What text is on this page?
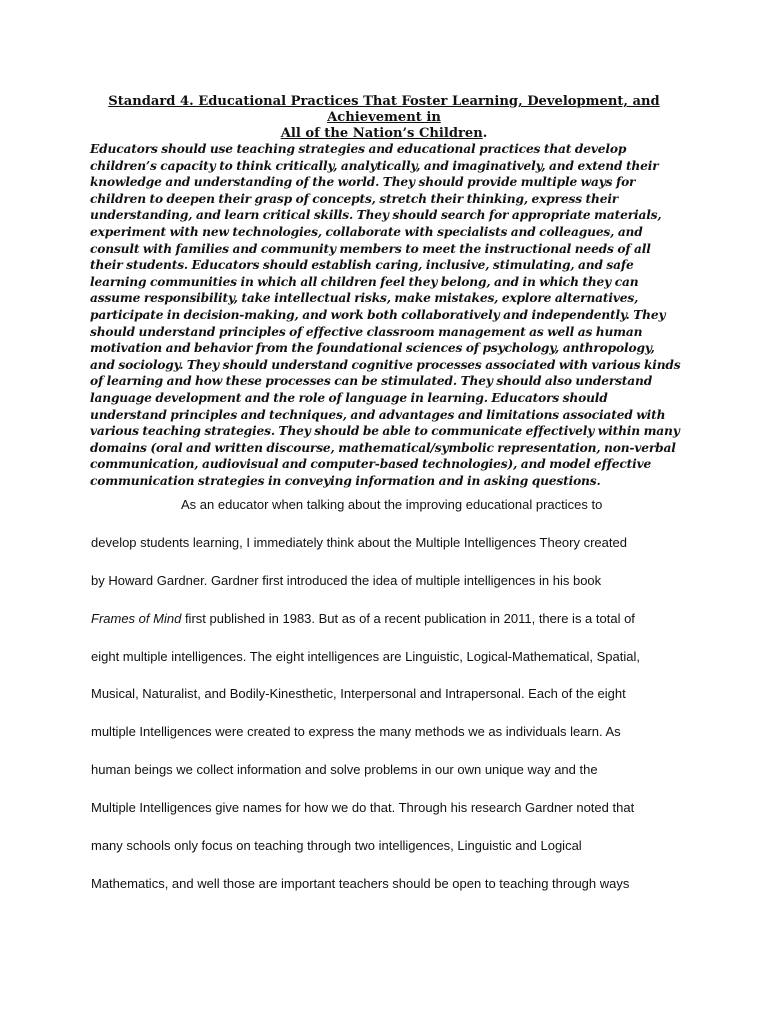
Standard 4. Educational Practices That Foster Learning, Development, and Achievement in
All of the Nation’s Children.

Educators should use teaching strategies and educational practices that develop children’s capacity to think critically, analytically, and imaginatively, and extend their knowledge and understanding of the world. They should provide multiple ways for children to deepen their grasp of concepts, stretch their thinking, express their understanding, and learn critical skills. They should search for appropriate materials, experiment with new technologies, collaborate with specialists and colleagues, and consult with families and community members to meet the instructional needs of all their students. Educators should establish caring, inclusive, stimulating, and safe learning communities in which all children feel they belong, and in which they can assume responsibility, take intellectual risks, make mistakes, explore alternatives, participate in decision-making, and work both collaboratively and independently. They should understand principles of effective classroom management as well as human motivation and behavior from the foundational sciences of psychology, anthropology, and sociology. They should understand cognitive processes associated with various kinds of learning and how these processes can be stimulated. They should also understand language development and the role of language in learning. Educators should understand principles and techniques, and advantages and limitations associated with various teaching strategies. They should be able to communicate effectively within many domains (oral and written discourse, mathematical/symbolic representation, non-verbal communication, audiovisual and computer-based technologies), and model effective communication strategies in conveying information and in asking questions.

As an educator when talking about the improving educational practices to
develop students learning, I immediately think about the Multiple Intelligences Theory created
by Howard Gardner. Gardner first introduced the idea of multiple intelligences in his book
Frames of Mind first published in 1983. But as of a recent publication in 2011, there is a total of
eight multiple intelligences. The eight intelligences are Linguistic, Logical-Mathematical, Spatial,
Musical, Naturalist, and Bodily-Kinesthetic, Interpersonal and Intrapersonal. Each of the eight
multiple Intelligences were created to express the many methods we as individuals learn. As
human beings we collect information and solve problems in our own unique way and the
Multiple Intelligences give names for how we do that. Through his research Gardner noted that
many schools only focus on teaching through two intelligences, Linguistic and Logical
Mathematics, and well those are important teachers should be open to teaching through ways
